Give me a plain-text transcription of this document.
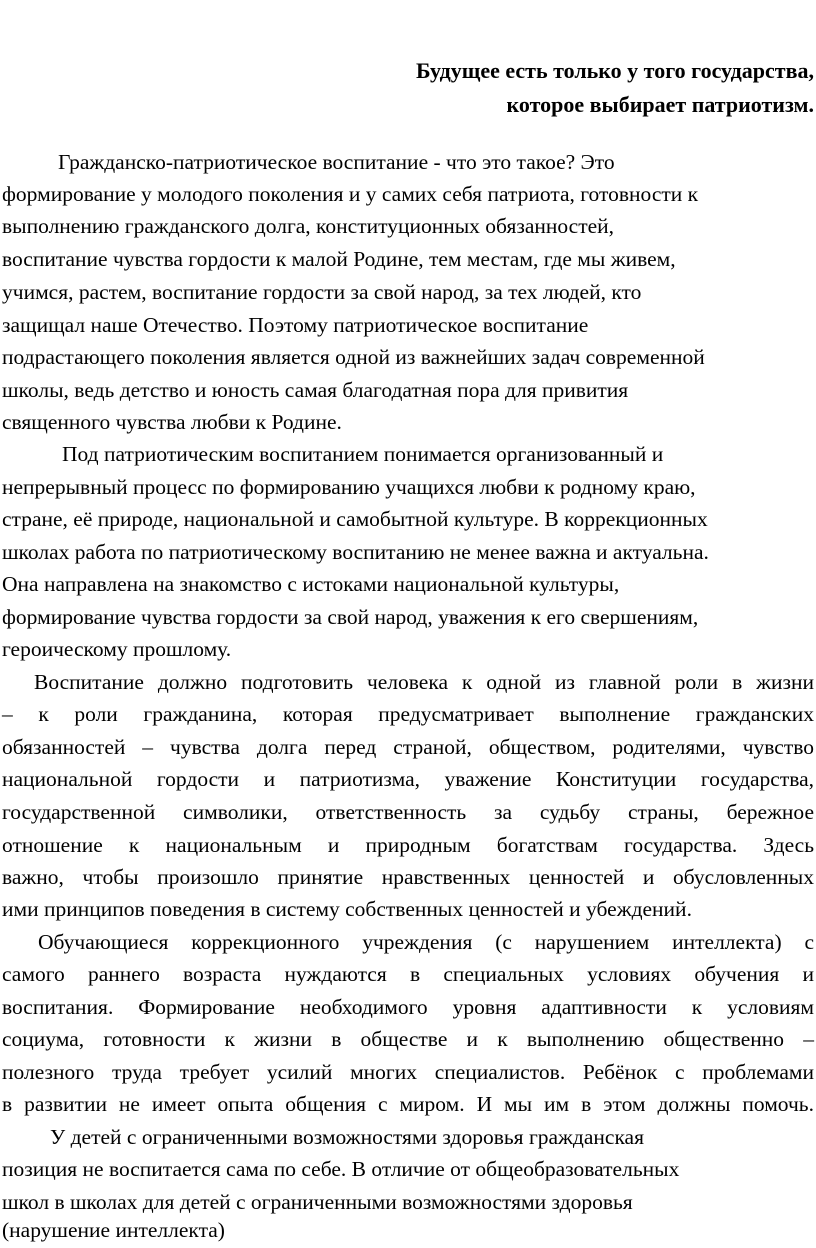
Будущее есть только у того государства,
которое выбирает патриотизм.
Гражданско-патриотическое воспитание - что это такое? Это
формирование у молодого поколения и у самих себя патриота, готовности к
выполнению гражданского долга, конституционных обязанностей,
воспитание чувства гордости к малой Родине, тем местам, где мы живем,
учимся, растем, воспитание гордости за свой народ, за тех людей, кто
защищал наше Отечество. Поэтому патриотическое воспитание
подрастающего поколения является одной из важнейших задач современной
школы, ведь детство и юность самая благодатная пора для привития
священного чувства любви к Родине.
Под патриотическим воспитанием понимается организованный и
непрерывный процесс по формированию учащихся любви к родному краю,
стране, её природе, национальной и самобытной культуре. В коррекционных
школах работа по патриотическому воспитанию не менее важна и актуальна.
Она направлена на знакомство с истоками национальной культуры,
формирование чувства гордости за свой народ, уважения к его свершениям,
героическому прошлому.
Воспитание должно подготовить человека к одной из главной роли в жизни
– к роли гражданина, которая предусматривает выполнение гражданских
обязанностей – чувства долга перед страной, обществом, родителями, чувство
национальной гордости и патриотизма, уважение Конституции государства,
государственной символики, ответственность за судьбу страны, бережное
отношение к национальным и природным богатствам государства. Здесь
важно, чтобы произошло принятие нравственных ценностей и обусловленных
ими принципов поведения в систему собственных ценностей и убеждений.
Обучающиеся коррекционного учреждения (с нарушением интеллекта) с
самого раннего возраста нуждаются в специальных условиях обучения и
воспитания. Формирование необходимого уровня адаптивности к условиям
социума, готовности к жизни в обществе и к выполнению общественно –
полезного труда требует усилий многих специалистов. Ребёнок с проблемами
в развитии не имеет опыта общения с миром. И мы им в этом должны помочь.
У детей с ограниченными возможностями здоровья гражданская
позиция не воспитается сама по себе. В отличие от общеобразовательных
школ в школах для детей с ограниченными возможностями здоровья
(нарушение интеллекта)
